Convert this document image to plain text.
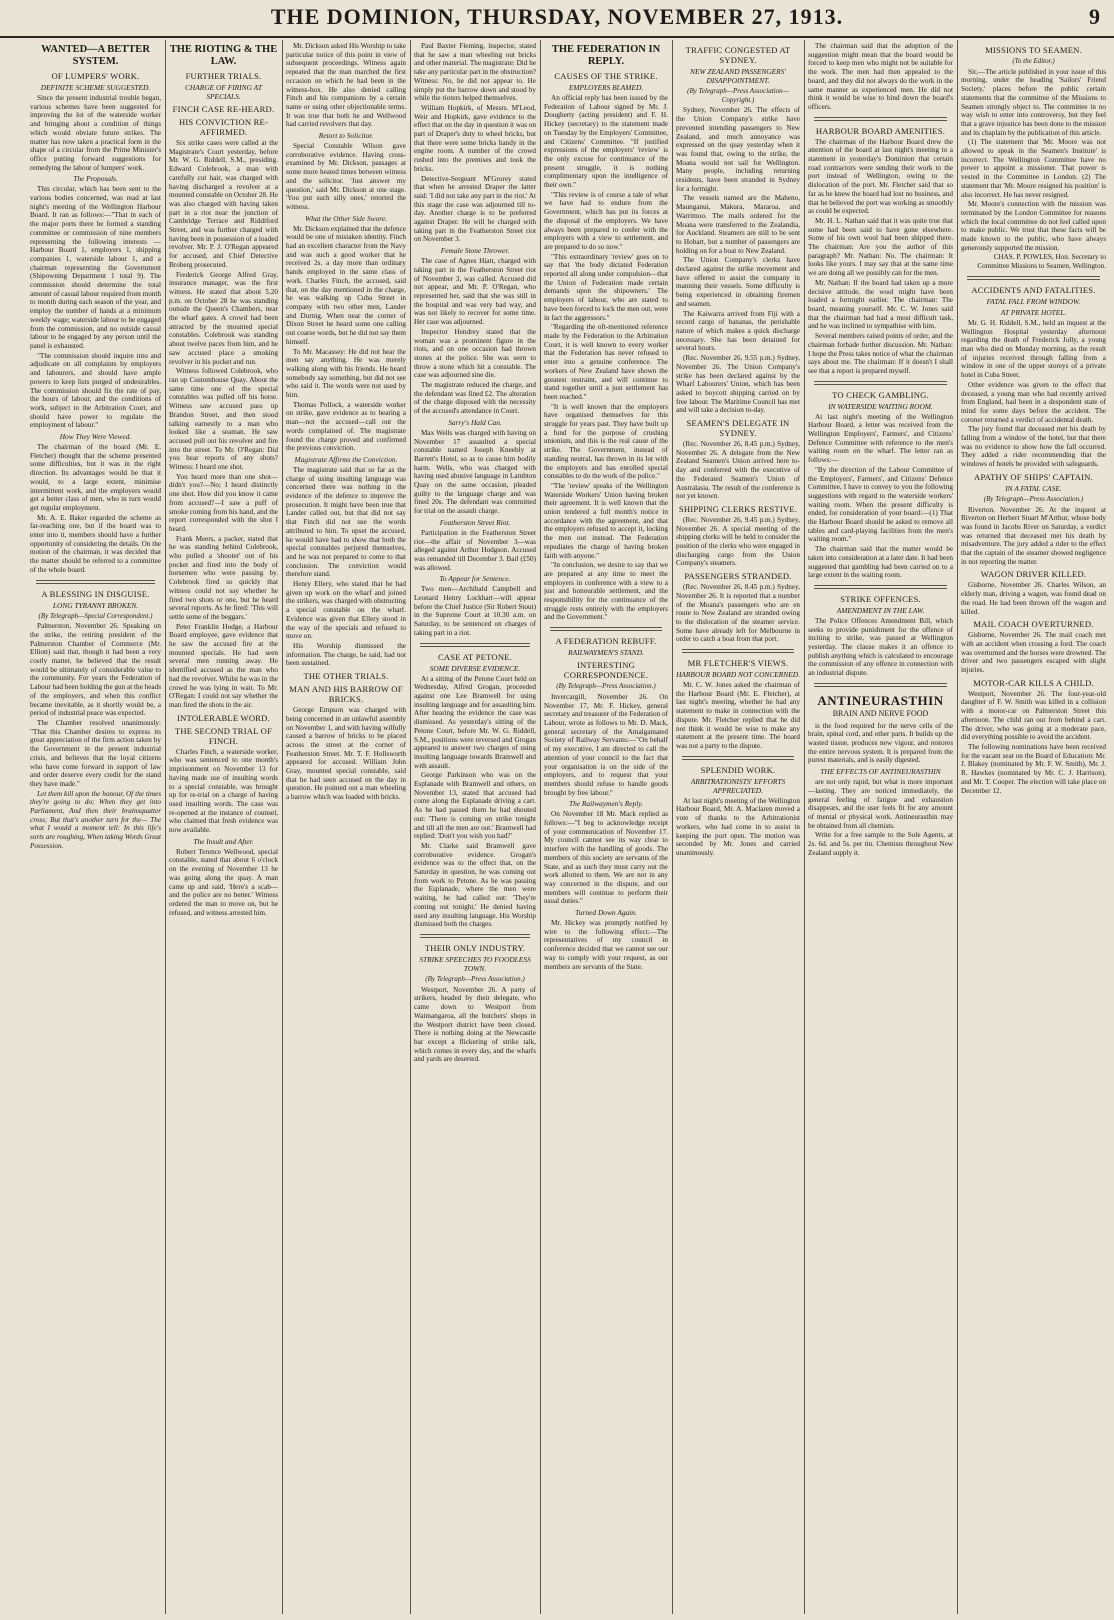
THE DOMINION, THURSDAY, NOVEMBER 27, 1913.	9
WANTED—A BETTER SYSTEM.
OF LUMPERS' WORK.
DEFINITE SCHEME SUGGESTED.

Since the present industrial trouble began, various schemes have been suggested for improving the lot of the waterside worker and bringing about a condition of things which would obviate future strikes. The matter has now taken a practical form in the shape of a circular from the Prime Minister's office putting forward suggestions for remedying the labour of lumpers' work.

The Proposals.

This circular, which has been sent to the various bodies concerned, was read at last night's meeting of the Wellington Harbour Board. It ran as follows:—"That in each of the major ports there be formed a standing committee or commission of nine members representing the following interests — Harbour Board 1, employers 1, shipping companies 1, waterside labour 1, and a chairman representing the Government (Shipowning Department 1 total 9). The commission should determine the total amount of casual labour required from month to month during each season of the year, and employ the number of hands at a minimum weekly wage; waterside labour to be engaged from the commission, and no outside casual labour to be engaged by any person until the panel is exhausted.

"The commission should inquire into and adjudicate on all complaints by employers and labourers, and should have ample powers to keep lists purged of undesirables. The commission should fix the rate of pay, the hours of labour, and the conditions of work, subject to the Arbitration Court, and should have power to regulate the employment of labour."

How They Were Viewed.

The chairman of the board (Mr. E. Fletcher) thought that the scheme presented some difficulties, but it was in the right direction. Its advantages would be that it would, to a large extent, minimise intermittent work, and the employers would get a better class of men, who in turn would get regular employment.

Mr. A. E. Baker regarded the scheme as far-reaching one, but if the board was to enter into it, members should have a further opportunity of considering the details. On the motion of the chairman, it was decided that the matter should be referred to a committee of the whole board.

A BLESSING IN DISGUISE.
LONG TYRANNY BROKEN.
(By Telegraph—Special Correspondent.)

Palmerston, November 26. Speaking on the strike, the retiring president of the Palmerston Chamber of Commerce (Mr. Elliott) said that, though it had been a very costly matter, he believed that the result would be ultimately of considerable value to the community. For years the Federation of Labour had been holding the gun at the heads of the employers, and when this conflict became inevitable, as it shortly would be, a period of industrial peace was expected.

The Chamber resolved unanimously: "That this Chamber desires to express its great appreciation of the firm action taken by the Government in the present industrial crisis, and believes that the loyal citizens who have come forward in support of law and order deserve every credit for the stand they have made."

Let them kill upon the honour, Of the times they're going to do; When they get into Parliament, And then their brainsquatter cross; But that's another turn for the— The what I would a moment tell: In this life's sorts are roughing, When taking Words Great Possession.

THE RIOTING & THE LAW.
FURTHER TRIALS.
CHARGE OF FIRING AT SPECIALS.
FINCH CASE RE-HEARD.
HIS CONVICTION RE-AFFIRMED.

Six strike cases were called at the Magistrate's Court yesterday, before Mr. W. G. Riddell, S.M., presiding. Edward Colebrook, a man with carefully cut hair, was charged with having discharged a revolver at a mounted constable on October 28. He was also charged with having taken part in a riot near the junction of Cambridge Terrace and Riddiford Street, and was further charged with having been in possession of a loaded revolver. Mr. P. J. O'Regan appeared for accused, and Chief Detective Broberg prosecuted.

Frederick George Alfred Gray, insurance manager, was the first witness. He stated that about 5.20 p.m. on October 28 he was standing outside the Queen's Chambers, near the wharf gates. A crowd had been attracted by the mounted special constables. Colebrook was standing about twelve paces from him, and he saw accused place a smoking revolver in his pocket and run.

Witness followed Colebrook, who ran up Customhouse Quay. About the same time one of the special constables was pulled off his horse. Witness saw accused pass up Brandon Street, and then stood talking earnestly to a man who looked like a seaman. He saw accused pull out his revolver and fire into the street. To Mr. O'Regan: Did you hear reports of any shots? Witness: I heard one shot.

You heard more than one shot—didn't you?—No; I heard distinctly one shot. How did you know it came from accused?—I saw a puff of smoke coming from his hand, and the report corresponded with the shot I heard.

Frank Meers, a packer, stated that he was standing behind Colebrook, who pulled a 'shooter' out of his pocket and fired into the body of horsemen who were passing by. Colebrook fired so quickly that witness could not say whether he fired two shots or one, but he heard several reports. As he fired: 'This will settle some of the beggars.'

Peter Franklin Hodge, a Harbour Board employee, gave evidence that he saw the accused fire at the mounted specials. He had seen several men running away. He identified accused as the man who had the revolver. Whilst he was in the crowd he was lying in wait. To Mr. O'Regan: I could not say whether the man fired the shots in the air.

INTOLERABLE WORD.
THE SECOND TRIAL OF FINCH.

Charles Finch, a waterside worker, who was sentenced to one month's imprisonment on November 13 for having made use of insulting words to a special constable, was brought up for re-trial on a charge of having used insulting words. The case was re-opened at the instance of counsel, who claimed that fresh evidence was now available.

The Insult and After.

Robert Terence Wellwood, special constable, stated that about 6 o'clock on the evening of November 13 he was going along the quay. A man came up and said, 'Here's a scab—and the police are no better.' Witness ordered the man to move on, but he refused, and witness arrested him.

Mr. Dickson asked His Worship to take particular notice of this point in view of subsequent proceedings. Witness again repeated that the man marched the first occasion on which he had been in the witness-box. He also denied calling Finch and his companions by a certain name or using other objectionable terms. It was true that both he and Wellwood had carried revolvers that day.

Retort to Solicitor.

Special Constable Wilson gave corroborative evidence. Having cross-examined by Mr. Dickson, passages at some more heated times between witness and the solicitor. 'Just answer my question,' said Mr. Dickson at one stage. 'You put such silly ones,' retorted the witness.

What the Other Side Swore.

Mr. Dickson explained that the defence would be one of mistaken identity. Finch had an excellent character from the Navy and was such a good worker that he received 2s. a day more than ordinary hands employed in the same class of work. Charles Finch, the accused, said that, on the day mentioned in the charge, he was walking up Cuba Street in company with two other men, Lander and Durnig. When near the corner of Dixon Street he heard some one calling out coarse words, but he did not say them himself.

To Mr. Macassey: He did not hear the men say anything. He was merely walking along with his friends. He heard somebody say something, but did not see who said it. The words were not used by him.

Thomas Pollock, a waterside worker on strike, gave evidence as to hearing a man—not the accused—call out the words complained of. The magistrate found the charge proved and confirmed the previous conviction.

Magistrate Affirms the Conviction.

The magistrate said that so far as the charge of using insulting language was concerned there was nothing in the evidence of the defence to improve the prosecution. It might have been true that Lander called out, but that did not say that Finch did not use the words attributed to him. To upset the accused, he would have had to show that both the special constables perjured themselves, and he was not prepared to come to that conclusion. The conviction would therefore stand.

Henry Ellery, who stated that he had given up work on the wharf and joined the strikers, was charged with obstructing a special constable on the wharf. Evidence was given that Ellery stood in the way of the specials and refused to move on.

His Worship dismissed the information. The charge, he said, had not been sustained.

THE OTHER TRIALS.
MAN AND HIS BARROW OF BRICKS.

George Empson was charged with being concerned in an unlawful assembly on November 1, and with having wilfully caused a barrow of bricks to be placed across the street at the corner of Featherston Street. Mr. T. F. Hollsworth appeared for accused. William John Gray, mounted special constable, said that he had seen accused on the day in question. He pointed out a man wheeling a barrow which was loaded with bricks.

Paul Baxter Fleming, inspector, stated that he saw a man wheeling out bricks and other material. The magistrate: Did he take any particular part in the obstruction? Witness: No, he did not appear to. He simply put the barrow down and stood by while the rioters helped themselves.

William Hopkirk, of Messrs. M'Leod, Weir and Hopkirk, gave evidence to the effect that on the day in question it was on part of Draper's duty to wheel bricks, but that there were some bricks handy in the engine room. A number of the crowd rushed into the premises and took the bricks.

Detective-Sergeant M'Grorey stated that when he arrested Draper the latter said: 'I did not take any part in the riot.' At this stage the case was adjourned till to-day. Another charge is to be preferred against Draper. He will be charged with taking part in the Featherston Street riot on November 3.

Female Stone Thrower.

The case of Agnes Hiatt, charged with taking part in the Featherston Street riot of November 3, was called. Accused did not appear, and Mr. P. O'Regan, who represented her, said that she was still in the hospital and was very bad way, and was not likely to recover for some time. Her case was adjourned.

Inspector Hendrey stated that the woman was a prominent figure in the riots, and on one occasion had thrown stones at the police. She was seen to throw a stone which hit a constable. The case was adjourned sine die.

The magistrate reduced the charge, and the defendant was fined £2. The alteration of the charge disposed with the necessity of the accused's attendance in Court.

Sarry's Hald Can.

Max Wells was charged with having on November 17 assaulted a special constable named Joseph Kneebly at Barrett's Hotel, so as to cause him bodily harm. Wells, who was charged with having used abusive language in Lambton Quay on the same occasion, pleaded guilty to the language charge and was fined 20s. The defendant was committed for trial on the assault charge.

Featherston Street Riot.

Participation in the Featherston Street riot—the affair of November 3—was alleged against Arthur Hodgson. Accused was remanded till December 3. Bail (£50) was allowed.

To Appear for Sentence.

Two men—Archibald Campbell and Leonard Henry Lockhart—will appear before the Chief Justice (Sir Robert Stout) in the Supreme Court at 10.30 a.m. on Saturday, to be sentenced on charges of taking part in a riot.

CASE AT PETONE.
SOME DIVERSE EVIDENCE.

At a sitting of the Petone Court held on Wednesday, Alfred Grogan, proceeded against one Lee Bramwell for using insulting language and for assaulting him. After hearing the evidence the case was dismissed. As yesterday's sitting of the Petone Court, before Mr. W. G. Riddell, S.M., positions were reversed and Grogan appeared to answer two charges of using insulting language towards Bramwell and with assault.

George Parkinson who was on the Esplanade with Bramwell and others, on November 13, stated that accused had come along the Esplanade driving a cart. As he had passed them he had shouted out: 'There is coming on strike tonight and till all the men are out.' Bramwell had replied: 'Don't you wish you had?'

Mr. Clarke said Bramwell gave corroborative evidence. Grogan's evidence was to the effect that, on the Saturday in question, he was coming out from work to Petone. As he was passing the Esplanade, where the men were waiting, he had called out: 'They're coming out tonight.' He denied having used any insulting language. His Worship dismissed both the charges.

THEIR ONLY INDUSTRY.
STRIKE SPEECHES TO FOODLESS TOWN.
(By Telegraph—Press Association.)

Westport, November 26. A party of strikers, headed by their delegate, who came down to Westport from Waimangaroa, all the butchers' shops in the Westport district have been closed. There is nothing doing at the Newcastle bar except a flickering of strike talk, which comes in every day, and the wharfs and yards are deserted.

THE FEDERATION IN REPLY.
CAUSES OF THE STRIKE.
EMPLOYERS BLAMED.

An official reply has been issued by the Federation of Labour signed by Mr. J. Dougherty (acting president) and F. H. Hickey (secretary) to the statement made on Tuesday by the Employers' Committee, and Citizens' Committee. "If justified expressions of the employers' 'review' is the only excuse for continuance of the present struggle, it is nothing complimentary upon the intelligence of their own."

"This review is of course a tale of what we have had to endure from the Government, which has put its forces at the disposal of the employers. We have always been prepared to confer with the employers with a view to settlement, and are prepared to do so now."

"This extraordinary 'review' goes on to say that 'the body dictated Federation reported all along under compulsion—that the Union of Federation made certain demands upon the shipowners.' The employers of labour, who are stated to have been forced to lock the men out, were in fact the aggressors."

"Regarding the oft-mentioned reference made by the Federation to the Arbitration Court, it is well known to every worker that the Federation has never refused to enter into a genuine conference. The workers of New Zealand have shown the greatest restraint, and will continue to stand together until a just settlement has been reached."

"It is well known that the employers have organised themselves for this struggle for years past. They have built up a fund for the purpose of crushing unionism, and this is the real cause of the strike. The Government, instead of standing neutral, has thrown in its lot with the employers and has enrolled special constables to do the work of the police."

"The 'review' speaks of the Wellington Waterside Workers' Union having broken their agreement. It is well known that the union tendered a full month's notice in accordance with the agreement, and that the employers refused to accept it, locking the men out instead. The Federation repudiates the charge of having broken faith with anyone."

"In conclusion, we desire to say that we are prepared at any time to meet the employers in conference with a view to a just and honourable settlement, and the responsibility for the continuance of the struggle rests entirely with the employers and the Government."

A FEDERATION REBUFF.
RAILWAYMEN'S STAND.
INTERESTING CORRESPONDENCE.
(By Telegraph—Press Association.)

Invercargill, November 26. On November 17, Mr. F. Hickey, general secretary and treasurer of the Federation of Labour, wrote as follows to Mr. D. Mack, general secretary of the Amalgamated Society of Railway Servants:—"On behalf of my executive, I am directed to call the attention of your council to the fact that your organisation is on the side of the employers, and to request that your members should refuse to handle goods brought by free labour."

The Railwaymen's Reply.

On November 18 Mr. Mack replied as follows:—"I beg to acknowledge receipt of your communication of November 17. My council cannot see its way clear to interfere with the handling of goods. The members of this society are servants of the State, and as such they must carry out the work allotted to them. We are not in any way concerned in the dispute, and our members will continue to perform their usual duties."

Turned Down Again.

Mr. Hickey was promptly notified by wire to the following effect:—The representatives of my council in conference decided that we cannot see our way to comply with your request, as our members are servants of the State.

TRAFFIC CONGESTED AT SYDNEY.
NEW ZEALAND PASSENGERS' DISAPPOINTMENT.
(By Telegraph—Press Association—Copyright.)

Sydney, November 26. The effects of the Union Company's strike have prevented intending passengers to New Zealand, and much annoyance was expressed on the quay yesterday when it was found that, owing to the strike, the Moana would not sail for Wellington. Many people, including returning residents, have been stranded in Sydney for a fortnight.

The vessels named are the Maheno, Maunganui, Makura, Mararoa, and Warrimoo. The mails ordered for the Moana were transferred to the Zealandia, for Auckland. Steamers are still to be sent to Hobart, but a number of passengers are holding on for a boat to New Zealand.

The Union Company's clerks have declared against the strike movement and have offered to assist the company in manning their vessels. Some difficulty is being experienced in obtaining firemen and seamen.

The Kaiwarra arrived from Fiji with a record cargo of bananas, the perishable nature of which makes a quick discharge necessary. She has been detained for several hours.

(Rec. November 26, 9.55 p.m.) Sydney, November 26. The Union Company's strike has been declared against by the Wharf Labourers' Union, which has been asked to boycott shipping carried on by free labour. The Maritime Council has met and will take a decision to-day.

SEAMEN'S DELEGATE IN SYDNEY.

(Rec. November 26, 8.45 p.m.) Sydney, November 26. A delegate from the New Zealand Seamen's Union arrived here to-day and conferred with the executive of the Federated Seamen's Union of Australasia. The result of the conference is not yet known.

SHIPPING CLERKS RESTIVE.

(Rec. November 26, 9.45 p.m.) Sydney, November 26. A special meeting of the shipping clerks will be held to consider the position of the clerks who were engaged in discharging cargo from the Union Company's steamers.

PASSENGERS STRANDED.

(Rec. November 26, 8.45 p.m.) Sydney, November 26. It is reported that a number of the Moana's passengers who are en route to New Zealand are stranded owing to the dislocation of the steamer service. Some have already left for Melbourne in order to catch a boat from that port.

MR FLETCHER'S VIEWS.
HARBOUR BOARD NOT CONCERNED.

Mr. C. W. Jones asked the chairman of the Harbour Board (Mr. E. Fletcher), at last night's meeting, whether he had any statement to make in connection with the dispute. Mr. Fletcher replied that he did not think it would be wise to make any statement at the present time. The board was not a party to the dispute.

SPLENDID WORK.
ARBITRATIONISTS' EFFORTS APPRECIATED.

At last night's meeting of the Wellington Harbour Board, Mr. A. Maclaren moved a vote of thanks to the Arbitrationist workers, who had come in to assist in keeping the port open. The motion was seconded by Mr. Jones and carried unanimously.

The chairman said that the adoption of the suggestion might mean that the board would be forced to keep men who might not be suitable for the work. The men had then appealed to the board, and they did not always do the work in the same manner as experienced men. He did not think it would be wise to bind down the board's officers.

HARBOUR BOARD AMENITIES.

The chairman of the Harbour Board drew the attention of the board at last night's meeting to a statement in yesterday's Dominion that certain road contractors were sending their work to the port instead of Wellington, owing to the dislocation of the port. Mr. Fletcher said that so far as he knew the board had lost no business, and that he believed the port was working as smoothly as could be expected.

Mr. H. L. Nathan said that it was quite true that some had been said to have gone elsewhere. Some of his own wool had been shipped there. The chairman: Are you the author of this paragraph? Mr. Nathan: No. The chairman: It looks like yours. I may say that at the same time we are doing all we possibly can for the men.

Mr. Nathan: If the board had taken up a more decisive attitude, the wool might have been loaded a fortnight earlier. The chairman: The board, meaning yourself. Mr. C. W. Jones said that the chairman had had a most difficult task, and he was inclined to sympathise with him.

Several members raised points of order, and the chairman forbade further discussion. Mr. Nathan: I hope the Press takes notice of what the chairman says about me. The chairman: If it doesn't I shall see that a report is prepared myself.

TO CHECK GAMBLING.
IN WATERSIDE WAITING ROOM.

At last night's meeting of the Wellington Harbour Board, a letter was received from the Wellington Employers', Farmers', and Citizens' Defence Committee with reference to the men's waiting room on the wharf. The letter ran as follows:—

"By the direction of the Labour Committee of the Employers', Farmers', and Citizens' Defence Committee, I have to convey to you the following suggestions with regard to the waterside workers' waiting room. When the present difficulty is ended, for consideration of your board:—(1) That the Harbour Board should be asked to remove all tables and card-playing facilities from the men's waiting room."

The chairman said that the matter would be taken into consideration at a later date. It had been suggested that gambling had been carried on to a large extent in the waiting room.

STRIKE OFFENCES.
AMENDMENT IN THE LAW.

The Police Offences Amendment Bill, which seeks to provide punishment for the offence of inciting to strike, was passed at Wellington yesterday. The clause makes it an offence to publish anything which is calculated to encourage the commission of any offence in connection with an industrial dispute.

ANTINEURASTHIN
BRAIN AND NERVE FOOD

is the food required for the nerve cells of the brain, spinal cord, and other parts. It builds up the wasted tissue, produces new vigour, and restores the entire nervous system. It is prepared from the purest materials, and is easily digested.

THE EFFECTS OF ANTINEURASTHIN

are not only rapid, but what is more important—lasting. They are noticed immediately, the general feeling of fatigue and exhaustion disappears, and the user feels fit for any amount of mental or physical work. Antineurasthin may be obtained from all chemists.

Write for a free sample to the Sole Agents, at 2s. 6d. and 5s. per tin. Chemists throughout New Zealand supply it.

MISSIONS TO SEAMEN.
(To the Editor.)

Sir,—The article published in your issue of this morning, under the heading 'Sailors' Friend Society,' places before the public certain statements that the committee of the Missions to Seamen strongly object to. The committee in no way wish to enter into controversy, but they feel that a grave injustice has been done to the mission and its chaplain by the publication of this article.

(1) The statement that 'Mr. Moore was not allowed to speak in the Seamen's Institute' is incorrect. The Wellington Committee have no power to appoint a missioner. That power is vested in the Committee in London. (2) The statement that 'Mr. Moore resigned his position' is also incorrect. He has never resigned.

Mr. Moore's connection with the mission was terminated by the London Committee for reasons which the local committee do not feel called upon to make public. We trust that these facts will be made known to the public, who have always generously supported the mission.

CHAS. P. POWLES, Hon. Secretary to Committee Missions to Seamen, Wellington.

ACCIDENTS AND FATALITIES.
FATAL FALL FROM WINDOW.
AT PRIVATE HOTEL.

Mr. G. H. Riddell, S.M., held an inquest at the Wellington Hospital yesterday afternoon regarding the death of Frederick Jolly, a young man who died on Monday morning, as the result of injuries received through falling from a window in one of the upper storeys of a private hotel in Cuba Street.

Other evidence was given to the effect that deceased, a young man who had recently arrived from England, had been in a despondent state of mind for some days before the accident. The coroner returned a verdict of accidental death.

The jury found that deceased met his death by falling from a window of the hotel, but that there was no evidence to show how the fall occurred. They added a rider recommending that the windows of hotels be provided with safeguards.

APATHY OF SHIPS' CAPTAIN.
IN A FATAL CASE.
(By Telegraph—Press Association.)

Riverton, November 26. At the inquest at Riverton on Herbert Stuart M'Arthur, whose body was found in Jacobs River on Saturday, a verdict was returned that deceased met his death by misadventure. The jury added a rider to the effect that the captain of the steamer showed negligence in not reporting the matter.

WAGON DRIVER KILLED.

Gisborne, November 26. Charles Wilson, an elderly man, driving a wagon, was found dead on the road. He had been thrown off the wagon and killed.

MAIL COACH OVERTURNED.

Gisborne, November 26. The mail coach met with an accident when crossing a ford. The coach was overturned and the horses were drowned. The driver and two passengers escaped with slight injuries.

MOTOR-CAR KILLS A CHILD.

Westport, November 26. The four-year-old daughter of F. W. Smith was killed in a collision with a motor-car on Palmerston Street this afternoon. The child ran out from behind a cart. The driver, who was going at a moderate pace, did everything possible to avoid the accident.

The following nominations have been received for the vacant seat on the Board of Education: Mr. J. Blakey (nominated by Mr. F. W. Smith), Mr. J. R. Hawkes (nominated by Mr. C. J. Harrison), and Mr. T. Cooper. The election will take place on December 12.
